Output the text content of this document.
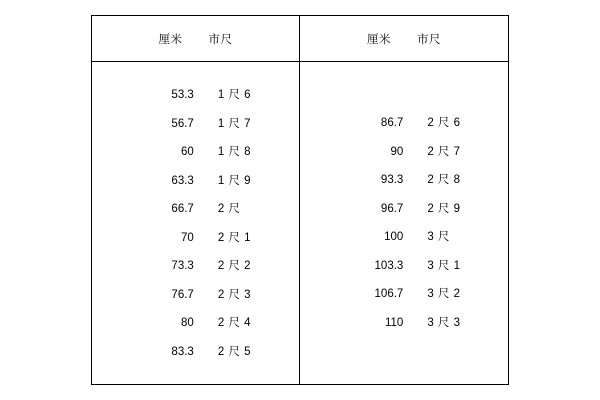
厘米 市尺
53.3	1 尺 6
56.7	1 尺 7
60	1 尺 8
63.3	1 尺 9
66.7	2 尺
70	2 尺 1
73.3	2 尺 2
76.7	2 尺 3
80	2 尺 4
83.3	2 尺 5
厘米 市尺
86.7	2 尺 6
90	2 尺 7
93.3	2 尺 8
96.7	2 尺 9
100	3 尺
103.3	3 尺 1
106.7	3 尺 2
110	3 尺 3
